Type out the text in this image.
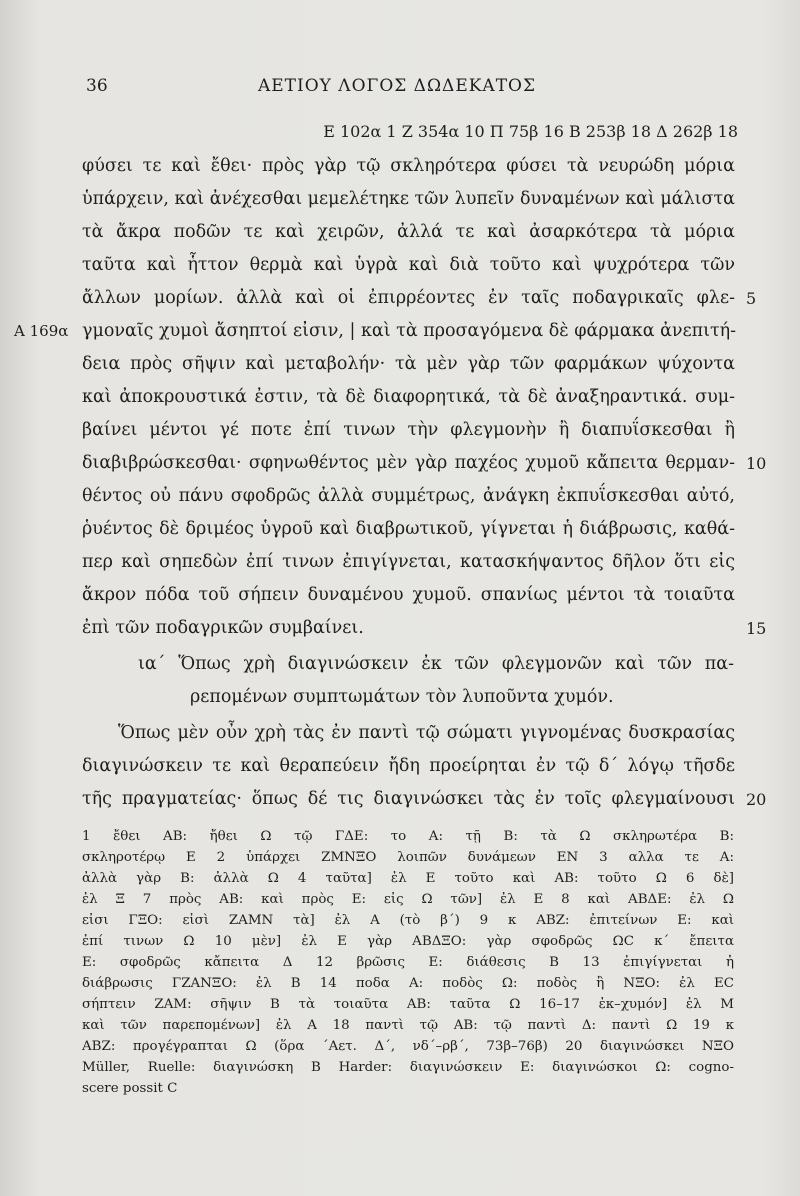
36	ΑΕΤΙΟΥ ΛΟΓΟΣ ΔΩΔΕΚΑΤΟΣ
E 102α 1 Z 354α 10 Π 75β 16 B 253β 18 Δ 262β 18
φύσει τε καὶ ἔθει· πρὸς γὰρ τῷ σκληρότερα φύσει τὰ νευρώδη μόρια
ὑπάρχειν, καὶ ἀνέχεσθαι μεμελέτηκε τῶν λυπεῖν δυναμένων καὶ μάλιστα
τὰ ἄκρα ποδῶν τε καὶ χειρῶν, ἀλλά τε καὶ ἀσαρκότερα τὰ μόρια
ταῦτα καὶ ἧττον θερμὰ καὶ ὑγρὰ καὶ διὰ τοῦτο καὶ ψυχρότερα τῶν
ἄλλων μορίων. ἀλλὰ καὶ οἱ ἐπιρρέοντες ἐν ταῖς ποδαγρικαῖς φλε- 5
A 169α γμοναῖς χυμοὶ ἄσηπτοί εἰσιν, | καὶ τὰ προσαγόμενα δὲ φάρμακα ἀνεπιτή-
δεια πρὸς σῆψιν καὶ μεταβολήν· τὰ μὲν γὰρ τῶν φαρμάκων ψύχοντα
καὶ ἀποκρουστικά ἐστιν, τὰ δὲ διαφορητικά, τὰ δὲ ἀναξηραντικά. συμ-
βαίνει μέντοι γέ ποτε ἐπί τινων τὴν φλεγμονὴν ἢ διαπυΐσκεσθαι ἢ
διαβιβρώσκεσθαι· σφηνωθέντος μὲν γὰρ παχέος χυμοῦ κἄπειτα θερμαν- 10
θέντος οὐ πάνυ σφοδρῶς ἀλλὰ συμμέτρως, ἀνάγκη ἐκπυΐσκεσθαι αὐτό,
ῥυέντος δὲ δριμέος ὑγροῦ καὶ διαβρωτικοῦ, γίγνεται ἡ διάβρωσις, καθά-
περ καὶ σηπεδὼν ἐπί τινων ἐπιγίγνεται, κατασκήψαντος δῆλον ὅτι εἰς
ἄκρον πόδα τοῦ σήπειν δυναμένου χυμοῦ. σπανίως μέντοι τὰ τοιαῦτα
ἐπὶ τῶν ποδαγρικῶν συμβαίνει.	15
ια´ Ὅπως χρὴ διαγινώσκειν ἐκ τῶν φλεγμονῶν καὶ τῶν πα-
ρεπομένων συμπτωμάτων τὸν λυποῦντα χυμόν.
Ὅπως μὲν οὖν χρὴ τὰς ἐν παντὶ τῷ σώματι γιγνομένας δυσκρασίας
διαγινώσκειν τε καὶ θεραπεύειν ἤδη προείρηται ἐν τῷ δ´ λόγῳ τῆσδε
τῆς πραγματείας· ὅπως δέ τις διαγινώσκει τὰς ἐν τοῖς φλεγμαίνουσι 20
1 ἔθει AB: ἤθει Ω τῷ ΓΔΕ: το A: τῇ B: τὰ Ω σκληρωτέρα B:
σκληροτέρῳ E 2 ὑπάρχει ΖΜΝΞΟ λοιπῶν δυνάμεων EN 3 αλλα τε A:
ἀλλὰ γὰρ B: ἀλλὰ Ω 4 ταῦτα] ἐλ E τοῦτο καὶ AB: τοῦτο Ω 6 δὲ]
ἐλ Ξ 7 πρὸς AB: καὶ πρὸς E: εἰς Ω τῶν] ἐλ E 8 καὶ ΑΒΔΕ: ἐλ Ω
εἰσι ΓΞΟ: εἰσὶ ΖΑΜΝ τὰ] ἐλ A (τὸ β´) 9 κ ABZ: ἐπιτείνων E: καὶ
ἐπί τινων Ω 10 μὲν] ἐλ E γὰρ ΑΒΔΞΟ: γὰρ σφοδρῶς ΩC κ´ ἔπειτα
E: σφοδρῶς κἄπειτα Δ 12 βρῶσις E: διάθεσις B 13 ἐπιγίγνεται ἡ
διάβρωσις ΓΖΑΝΞΟ: ἐλ B 14 ποδα A: ποδὸς Ω: ποδὸς ἢ ΝΞΟ: ἐλ EC
σήπτειν ΖΑΜ: σῆψιν B τὰ τοιαῦτα AB: ταῦτα Ω 16–17 ἐκ–χυμόν] ἐλ M
καὶ τῶν παρεπομένων] ἐλ A 18 παντὶ τῷ AB: τῷ παντὶ Δ: παντὶ Ω 19 κ
ABZ: προγέγραπται Ω (ὅρα ´Αετ. Δ´, νδ´–ρβ´, 73β–76β) 20 διαγινώσκει ΝΞΟ
Müller, Ruelle: διαγινώσκη B Harder: διαγινώσκειν E: διαγινώσκοι Ω: cogno-
scere possit C
